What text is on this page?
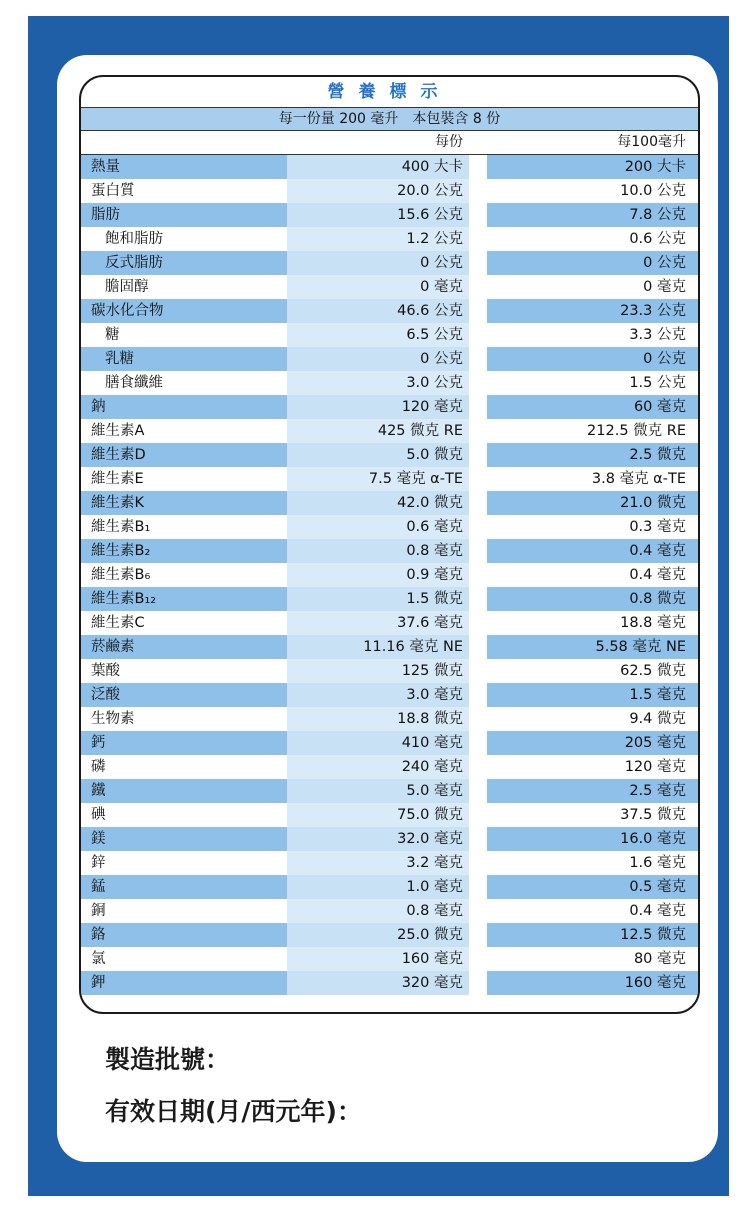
營養標示
每一份量 200 毫升　本包裝含 8 份
每份	每100毫升
熱量	400 大卡	200 大卡
蛋白質	20.0 公克	10.0 公克
脂肪	15.6 公克	7.8 公克
飽和脂肪	1.2 公克	0.6 公克
反式脂肪	0 公克	0 公克
膽固醇	0 毫克	0 毫克
碳水化合物	46.6 公克	23.3 公克
糖	6.5 公克	3.3 公克
乳糖	0 公克	0 公克
膳食纖維	3.0 公克	1.5 公克
鈉	120 毫克	60 毫克
維生素A	425 微克 RE	212.5 微克 RE
維生素D	5.0 微克	2.5 微克
維生素E	7.5 毫克 α-TE	3.8 毫克 α-TE
維生素K	42.0 微克	21.0 微克
維生素B₁	0.6 毫克	0.3 毫克
維生素B₂	0.8 毫克	0.4 毫克
維生素B₆	0.9 毫克	0.4 毫克
維生素B₁₂	1.5 微克	0.8 微克
維生素C	37.6 毫克	18.8 毫克
菸鹼素	11.16 毫克 NE	5.58 毫克 NE
葉酸	125 微克	62.5 微克
泛酸	3.0 毫克	1.5 毫克
生物素	18.8 微克	9.4 微克
鈣	410 毫克	205 毫克
磷	240 毫克	120 毫克
鐵	5.0 毫克	2.5 毫克
碘	75.0 微克	37.5 微克
鎂	32.0 毫克	16.0 毫克
鋅	3.2 毫克	1.6 毫克
錳	1.0 毫克	0.5 毫克
銅	0.8 毫克	0.4 毫克
鉻	25.0 微克	12.5 微克
氯	160 毫克	80 毫克
鉀	320 毫克	160 毫克
製造批號：
有效日期(月/西元年)：
